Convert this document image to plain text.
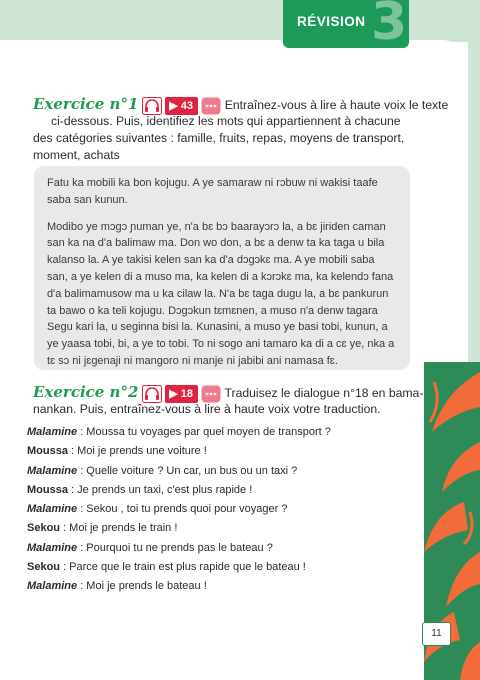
RÉVISION 3
Exercice n°1	▶ 43	Entraînez-vous à lire à haute voix le texte
ci-dessous. Puis, identifiez les mots qui appartiennent à chacune
des catégories suivantes : famille, fruits, repas, moyens de transport,
moment, achats

Fatu ka mobili ka bon kojugu. A ye samaraw ni rɔbuw ni wakisi taafe saba san kunun.

Modibo ye mɔgɔ ɲuman ye, n'a bɛ bɔ baarayɔrɔ la, a bɛ jiriden caman san ka na d'a balimaw ma. Don wo don, a bɛ a denw ta ka taga u bila kalanso la. A ye takisi kelen san ka d'a dɔgɔkɛ ma. A ye mobili saba san, a ye kelen di a muso ma, ka kelen di a kɔrɔkɛ ma, ka kelendɔ fana d'a balimamusow ma u ka cilaw la. N'a bɛ taga dugu la, a bɛ pankurun ta bawo o ka teli kojugu. Dɔgɔkun tɛmɛnen, a muso n'a denw tagara Segu kari la, u seginna bisi la. Kunasini, a muso ye basi tobi, kunun, a ye yaasa tobi, bi, a ye to tobi. To ni sogo ani tamaro ka di a cɛ ye, nka a tɛ sɔ ni jɛgenaji ni mangoro ni manje ni jabibi ani namasa fɛ.

Exercice n°2	▶ 18	Traduisez le dialogue n°18 en bama-
nankan. Puis, entraînez-vous à lire à haute voix votre traduction.
Malamine : Moussa tu voyages par quel moyen de transport ?
Moussa : Moi je prends une voiture !
Malamine : Quelle voiture ? Un car, un bus ou un taxi ?
Moussa : Je prends un taxi, c'est plus rapide !
Malamine : Sekou , toi tu prends quoi pour voyager ?
Sekou : Moi je prends le train !
Malamine : Pourquoi tu ne prends pas le bateau ?
Sekou : Parce que le train est plus rapide que le bateau !
Malamine : Moi je prends le bateau !
11
